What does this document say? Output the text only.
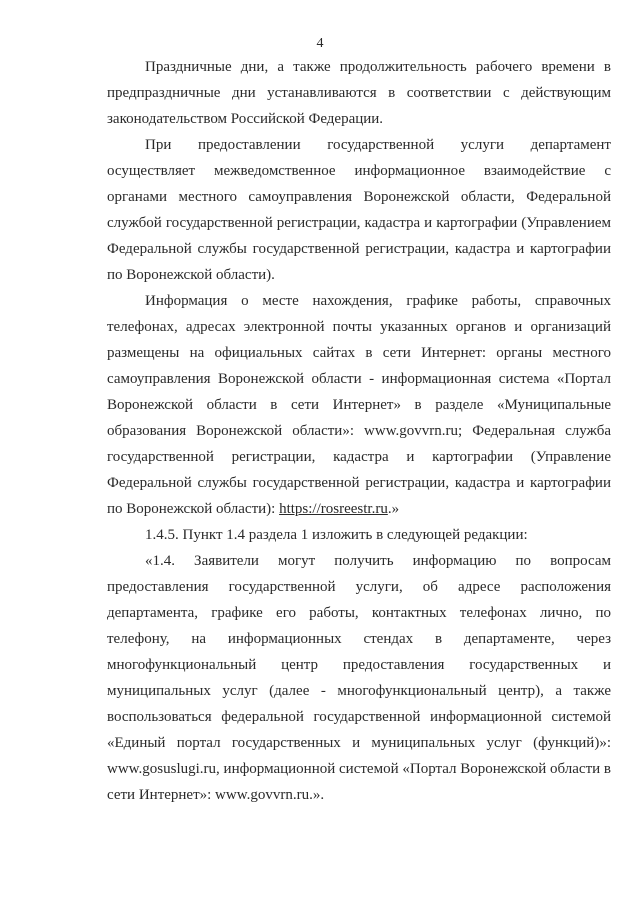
4

Праздничные дни, а также продолжительность рабочего времени в предпраздничные дни устанавливаются в соответствии с действующим законодательством Российской Федерации.

При предоставлении государственной услуги департамент осуществляет межведомственное информационное взаимодействие с органами местного самоуправления Воронежской области, Федеральной службой государственной регистрации, кадастра и картографии (Управлением Федеральной службы государственной регистрации, кадастра и картографии по Воронежской области).

Информация о месте нахождения, графике работы, справочных телефонах, адресах электронной почты указанных органов и организаций размещены на официальных сайтах в сети Интернет: органы местного самоуправления Воронежской области - информационная система «Портал Воронежской области в сети Интернет» в разделе «Муниципальные образования Воронежской области»: www.govvrn.ru; Федеральная служба государственной регистрации, кадастра и картографии (Управление Федеральной службы государственной регистрации, кадастра и картографии по Воронежской области): https://rosreestr.ru.»

1.4.5. Пункт 1.4 раздела 1 изложить в следующей редакции:

«1.4. Заявители могут получить информацию по вопросам предоставления государственной услуги, об адресе расположения департамента, графике его работы, контактных телефонах лично, по телефону, на информационных стендах в департаменте, через многофункциональный центр предоставления государственных и муниципальных услуг (далее - многофункциональный центр), а также воспользоваться федеральной государственной информационной системой «Единый портал государственных и муниципальных услуг (функций)»: www.gosuslugi.ru, информационной системой «Портал Воронежской области в сети Интернет»: www.govvrn.ru.».
